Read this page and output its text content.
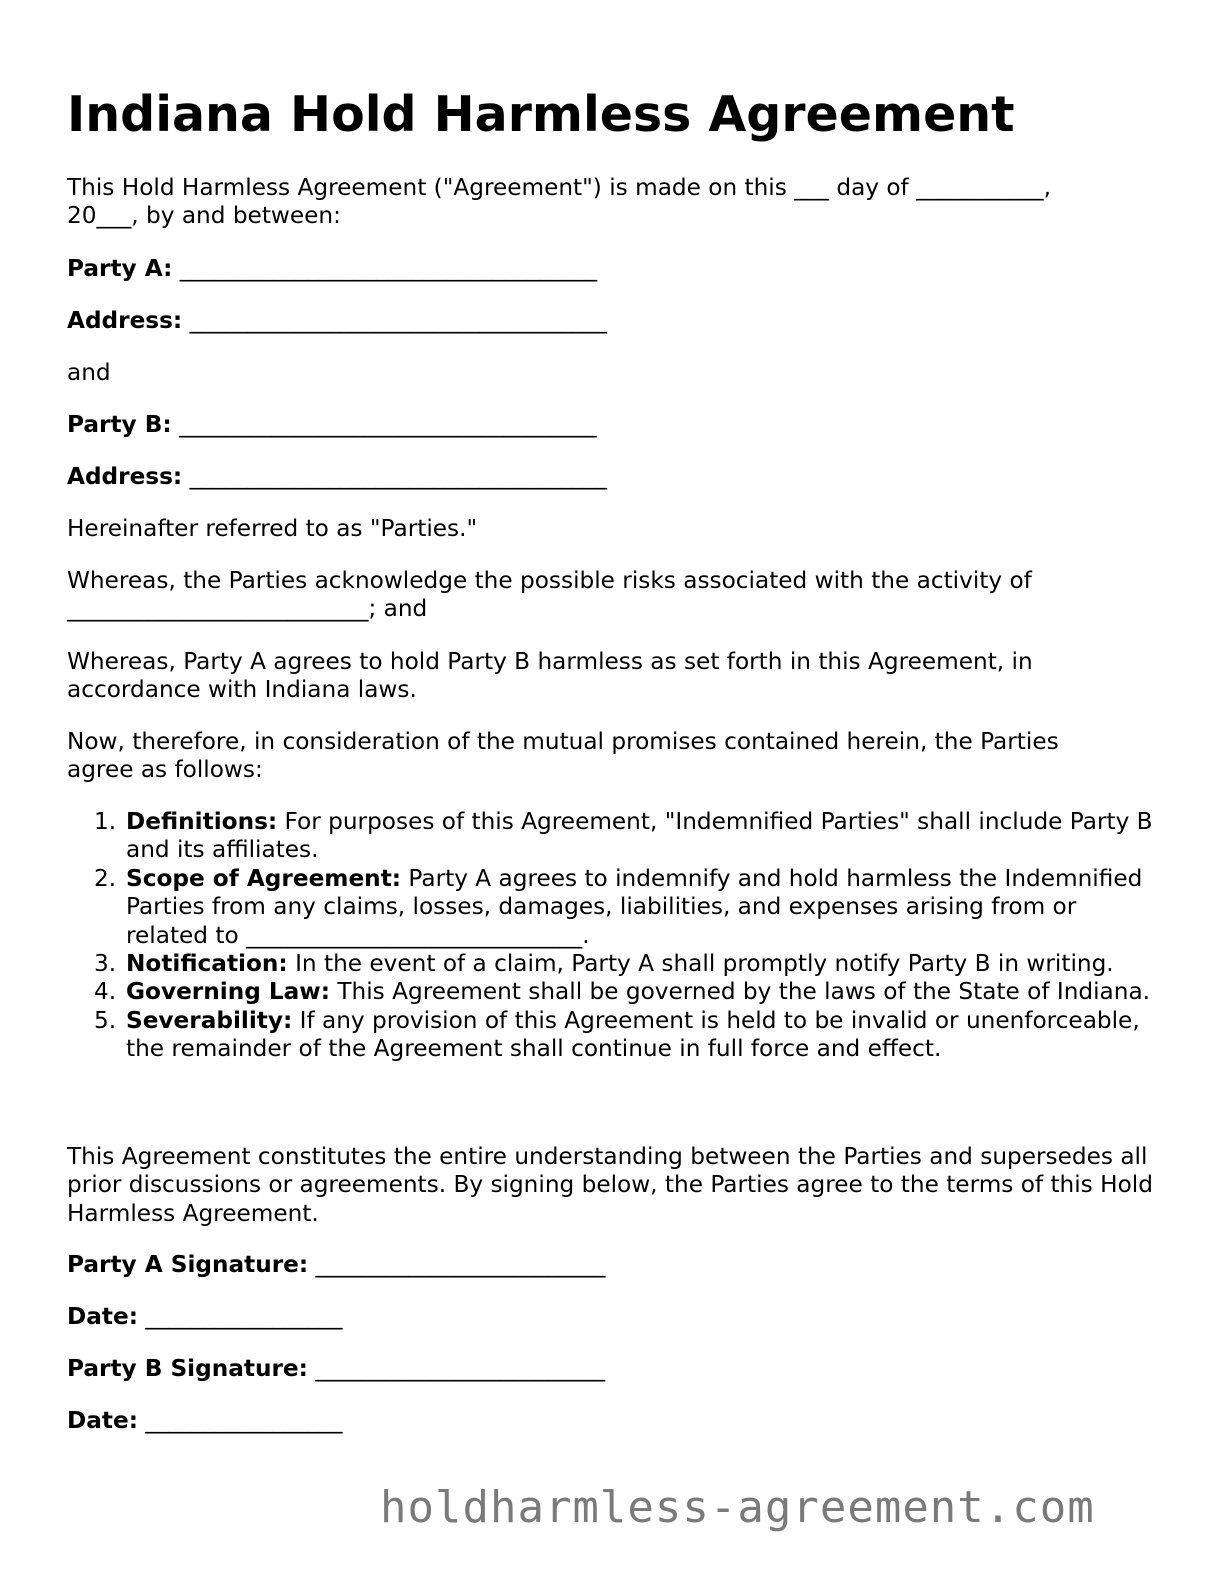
Indiana Hold Harmless Agreement

This Hold Harmless Agreement ("Agreement") is made on this ___ day of ___________,
20___, by and between:

Party A: ____________________________________

Address: ____________________________________

and

Party B: ____________________________________

Address: ____________________________________

Hereinafter referred to as "Parties."

Whereas, the Parties acknowledge the possible risks associated with the activity of
__________________________; and

Whereas, Party A agrees to hold Party B harmless as set forth in this Agreement, in
accordance with Indiana laws.

Now, therefore, in consideration of the mutual promises contained herein, the Parties
agree as follows:

1. Definitions: For purposes of this Agreement, "Indemnified Parties" shall include Party B and its affiliates.
2. Scope of Agreement: Party A agrees to indemnify and hold harmless the Indemnified Parties from any claims, losses, damages, liabilities, and expenses arising from or related to _____________________________.
3. Notification: In the event of a claim, Party A shall promptly notify Party B in writing.
4. Governing Law: This Agreement shall be governed by the laws of the State of Indiana.
5. Severability: If any provision of this Agreement is held to be invalid or unenforceable, the remainder of the Agreement shall continue in full force and effect.

This Agreement constitutes the entire understanding between the Parties and supersedes all prior discussions or agreements. By signing below, the Parties agree to the terms of this Hold Harmless Agreement.

Party A Signature: _________________________

Date: _________________

Party B Signature: _________________________

Date: _________________

holdharmless-agreement.com
